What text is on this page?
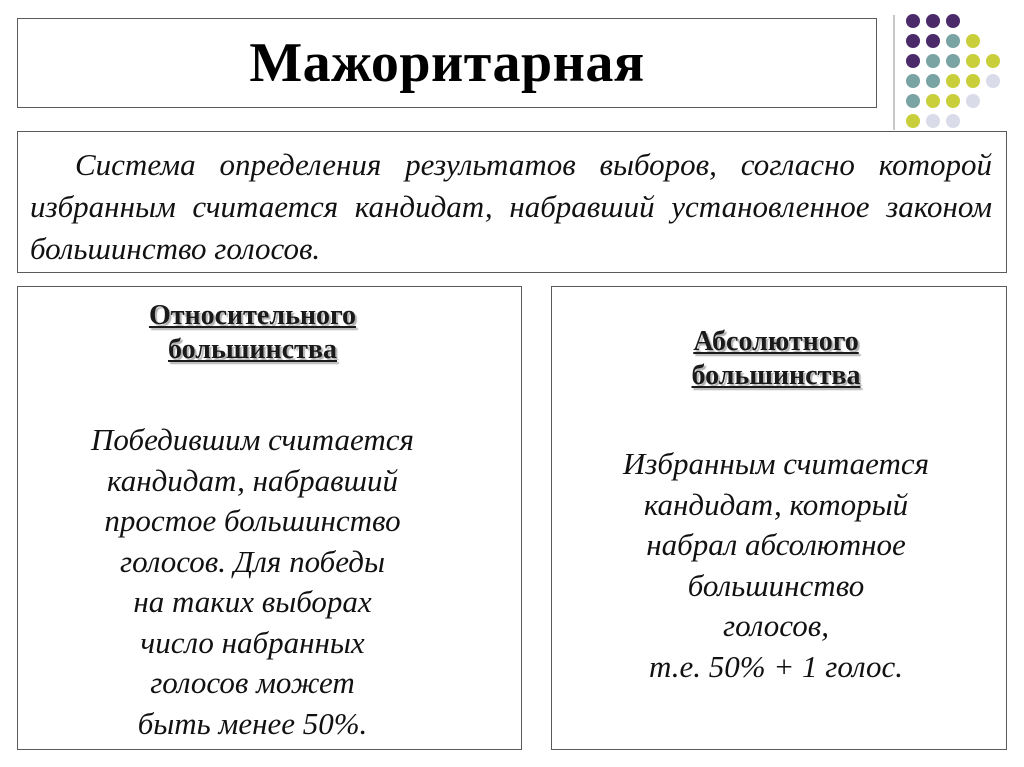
Мажоритарная

Система определения результатов выборов, согласно которой избранным считается кандидат, набравший установленное законом большинство голосов.

Относительного
большинства
Победившим считается
кандидат, набравший
простое большинство
голосов. Для победы
на таких выборах
число набранных
голосов может
быть менее 50%.
Абсолютного
большинства
Избранным считается
кандидат, который
набрал абсолютное
большинство
голосов,
т.е. 50% + 1 голос.
